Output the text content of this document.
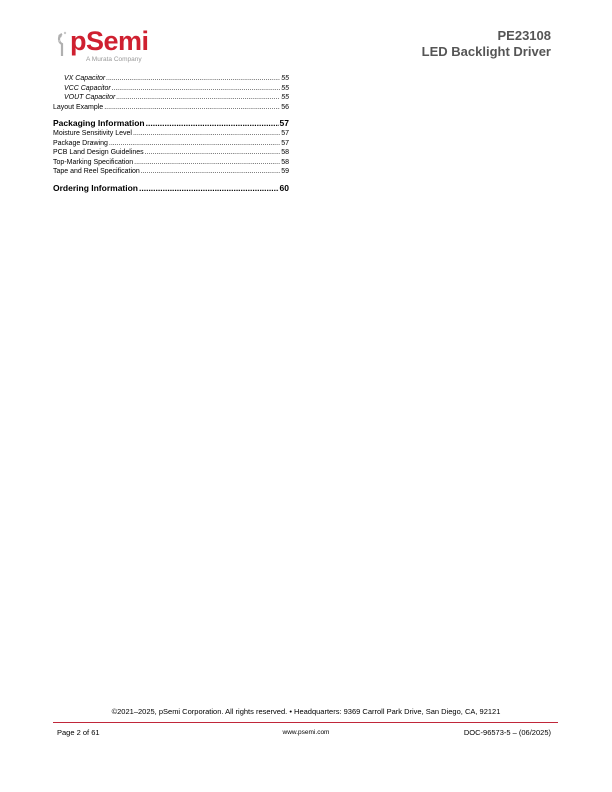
pSemi
A Murata Company
PE23108
LED Backlight Driver
VX Capacitor .....	55
VCC Capacitor .....	55
VOUT Capacitor .....	55
Layout Example .....	56
Packaging Information .....	57
Moisture Sensitivity Level .....	57
Package Drawing .....	57
PCB Land Design Guidelines .....	58
Top-Marking Specification .....	58
Tape and Reel Specification .....	59
Ordering Information .....	60
©2021–2025, pSemi Corporation. All rights reserved. • Headquarters: 9369 Carroll Park Drive, San Diego, CA, 92121
Page 2 of 61	www.psemi.com	DOC-96573-5 – (06/2025)
